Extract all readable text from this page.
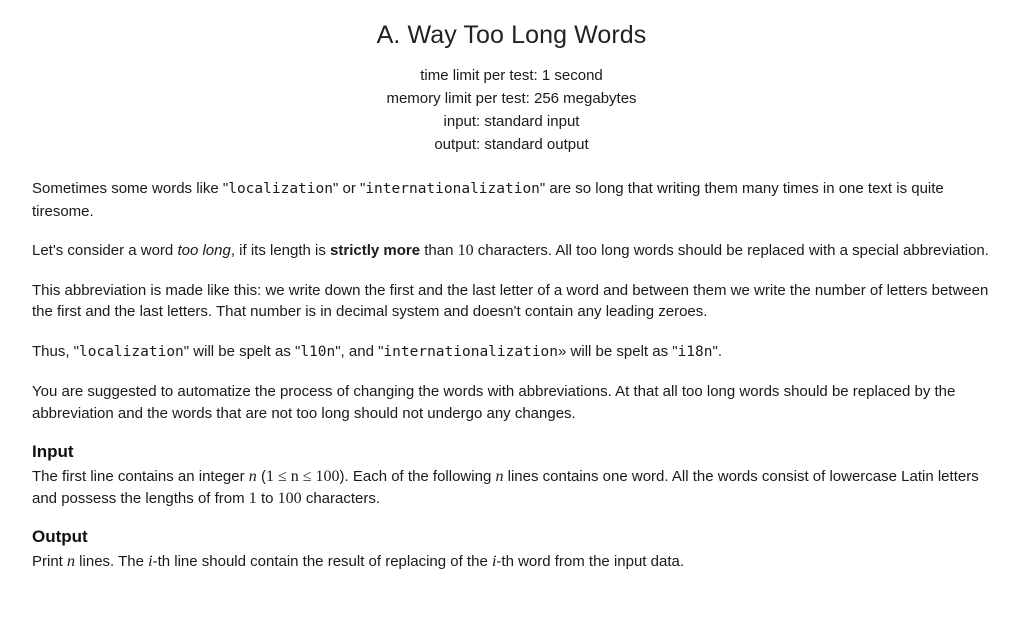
A. Way Too Long Words
time limit per test: 1 second
memory limit per test: 256 megabytes
input: standard input
output: standard output

Sometimes some words like "localization" or "internationalization" are so long that writing them many times in one text is quite tiresome.

Let's consider a word too long, if its length is strictly more than 10 characters. All too long words should be replaced with a special abbreviation.

This abbreviation is made like this: we write down the first and the last letter of a word and between them we write the number of letters between the first and the last letters. That number is in decimal system and doesn't contain any leading zeroes.

Thus, "localization" will be spelt as "l10n", and "internationalization» will be spelt as "i18n".

You are suggested to automatize the process of changing the words with abbreviations. At that all too long words should be replaced by the abbreviation and the words that are not too long should not undergo any changes.

Input

The first line contains an integer n (1 ≤ n ≤ 100). Each of the following n lines contains one word. All the words consist of lowercase Latin letters and possess the lengths of from 1 to 100 characters.

Output

Print n lines. The i-th line should contain the result of replacing of the i-th word from the input data.
